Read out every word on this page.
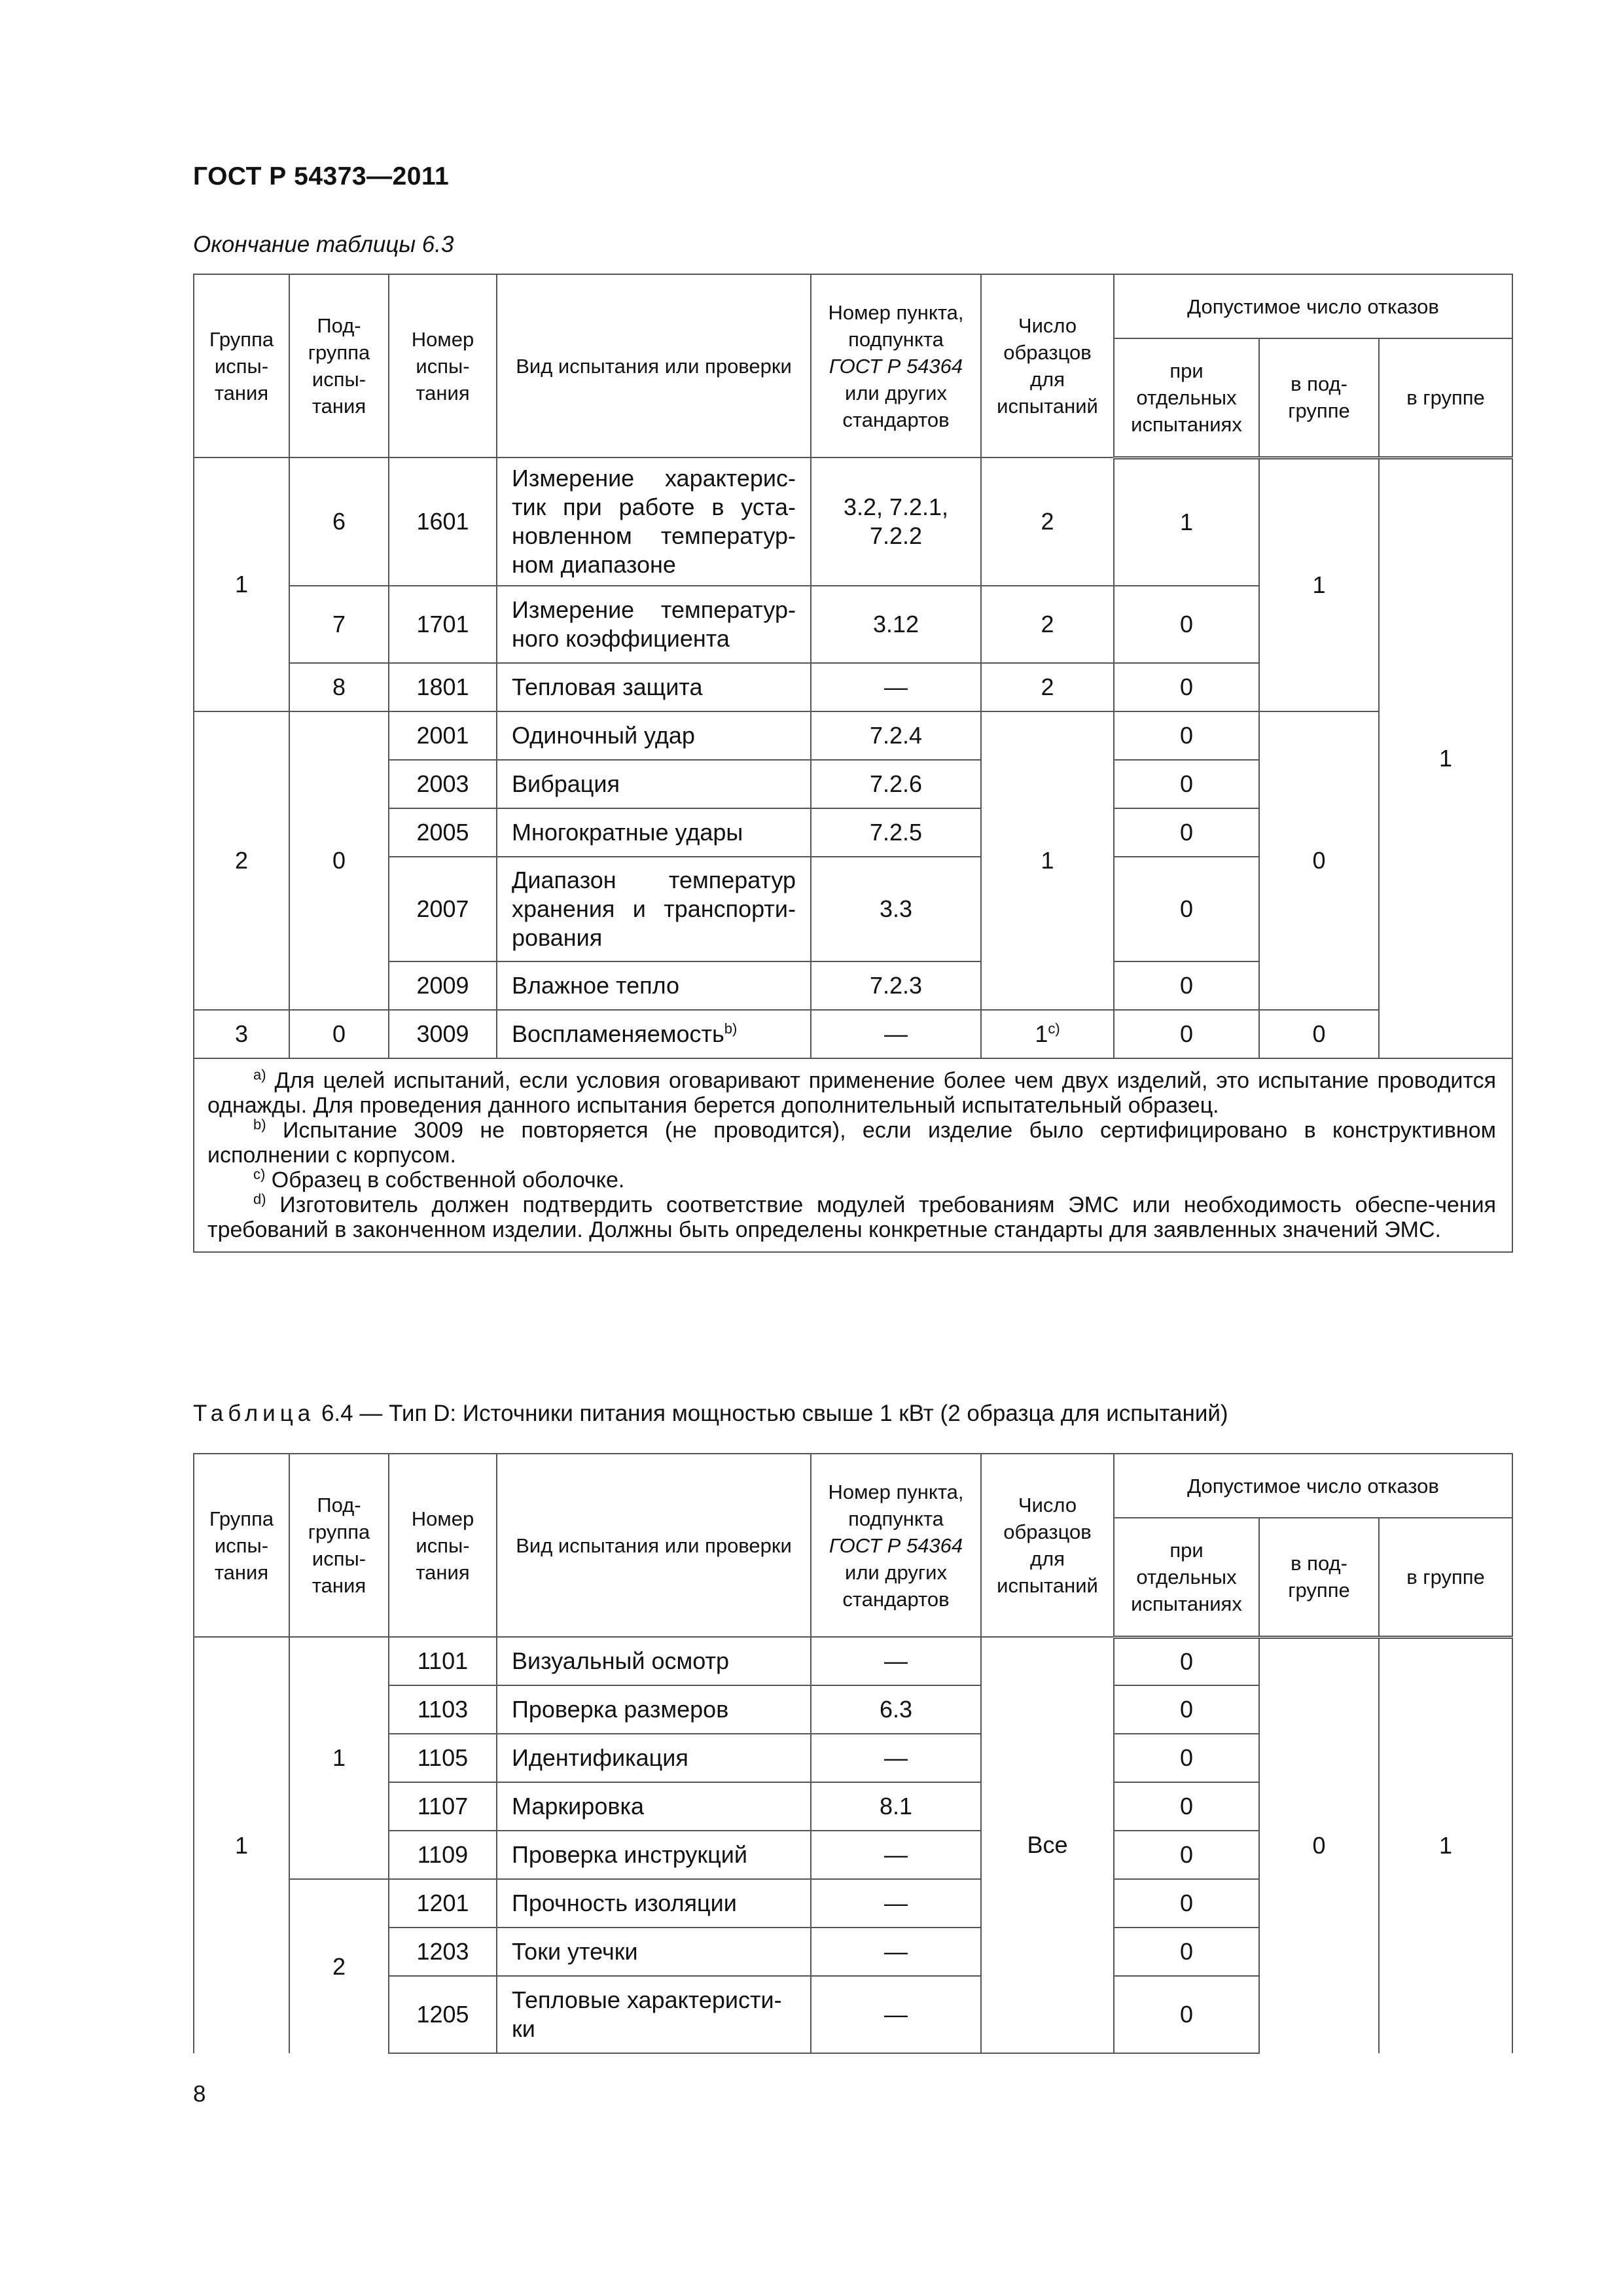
ГОСТ Р 54373—2011
Окончание таблицы 6.3
Группа испы-тания	Под-группа испы-тания	Номер испы-тания	Вид испытания или проверки	Номер пункта, подпункта
ГОСТ Р 54364
или других стандартов	Число образцов для испытаний	Допустимое число отказов		
						при отдельных испытаниях	в под-группе	в группе
1	6	1601	Измерение характерис-тик при работе в уста-новленном температур-ном диапазоне	3.2, 7.2.1, 7.2.2	2	1	1	1
	7	1701	Измерение температур-ного коэффициента	3.12	2	0		
	8	1801	Тепловая защита	—	2	0		
2	0	2001	Одиночный удар	7.2.4	1	0	0	
		2003	Вибрация	7.2.6		0		
		2005	Многократные удары	7.2.5		0		
		2007	Диапазон температур хранения и транспорти-рования	3.3		0		
		2009	Влажное тепло	7.2.3		0		
3	0	3009	Воспламеняемость$^{b)}$	—	1$^{c)}$	0	0	

$^{a)}$ Для целей испытаний, если условия оговаривают применение более чем двух изделий, это испытание проводится однажды. Для проведения данного испытания берется дополнительный испытательный образец.
$^{b)}$ Испытание 3009 не повторяется (не проводится), если изделие было сертифицировано в конструктивном исполнении с корпусом.
$^{c)}$ Образец в собственной оболочке.
$^{d)}$ Изготовитель должен подтвердить соответствие модулей требованиям ЭМС или необходимость обеспе-чения требований в законченном изделии. Должны быть определены конкретные стандарты для заявленных значений ЭМС.								
Таблица 6.4 — Тип D: Источники питания мощностью свыше 1 кВт (2 образца для испытаний)
Группа испы-тания	Под-группа испы-тания	Номер испы-тания	Вид испытания или проверки	Номер пункта, подпункта
ГОСТ Р 54364
или других стандартов	Число образцов для испытаний	Допустимое число отказов		
						при отдельных испытаниях	в под-группе	в группе
1	1	1101	Визуальный осмотр	—	Все	0	0	1
		1103	Проверка размеров	6.3		0		
		1105	Идентификация	—		0		
		1107	Маркировка	8.1		0		
		1109	Проверка инструкций	—		0		
	2	1201	Прочность изоляции	—		0		
		1203	Токи утечки	—		0		
		1205	Тепловые характеристи-ки	—		0		
8
